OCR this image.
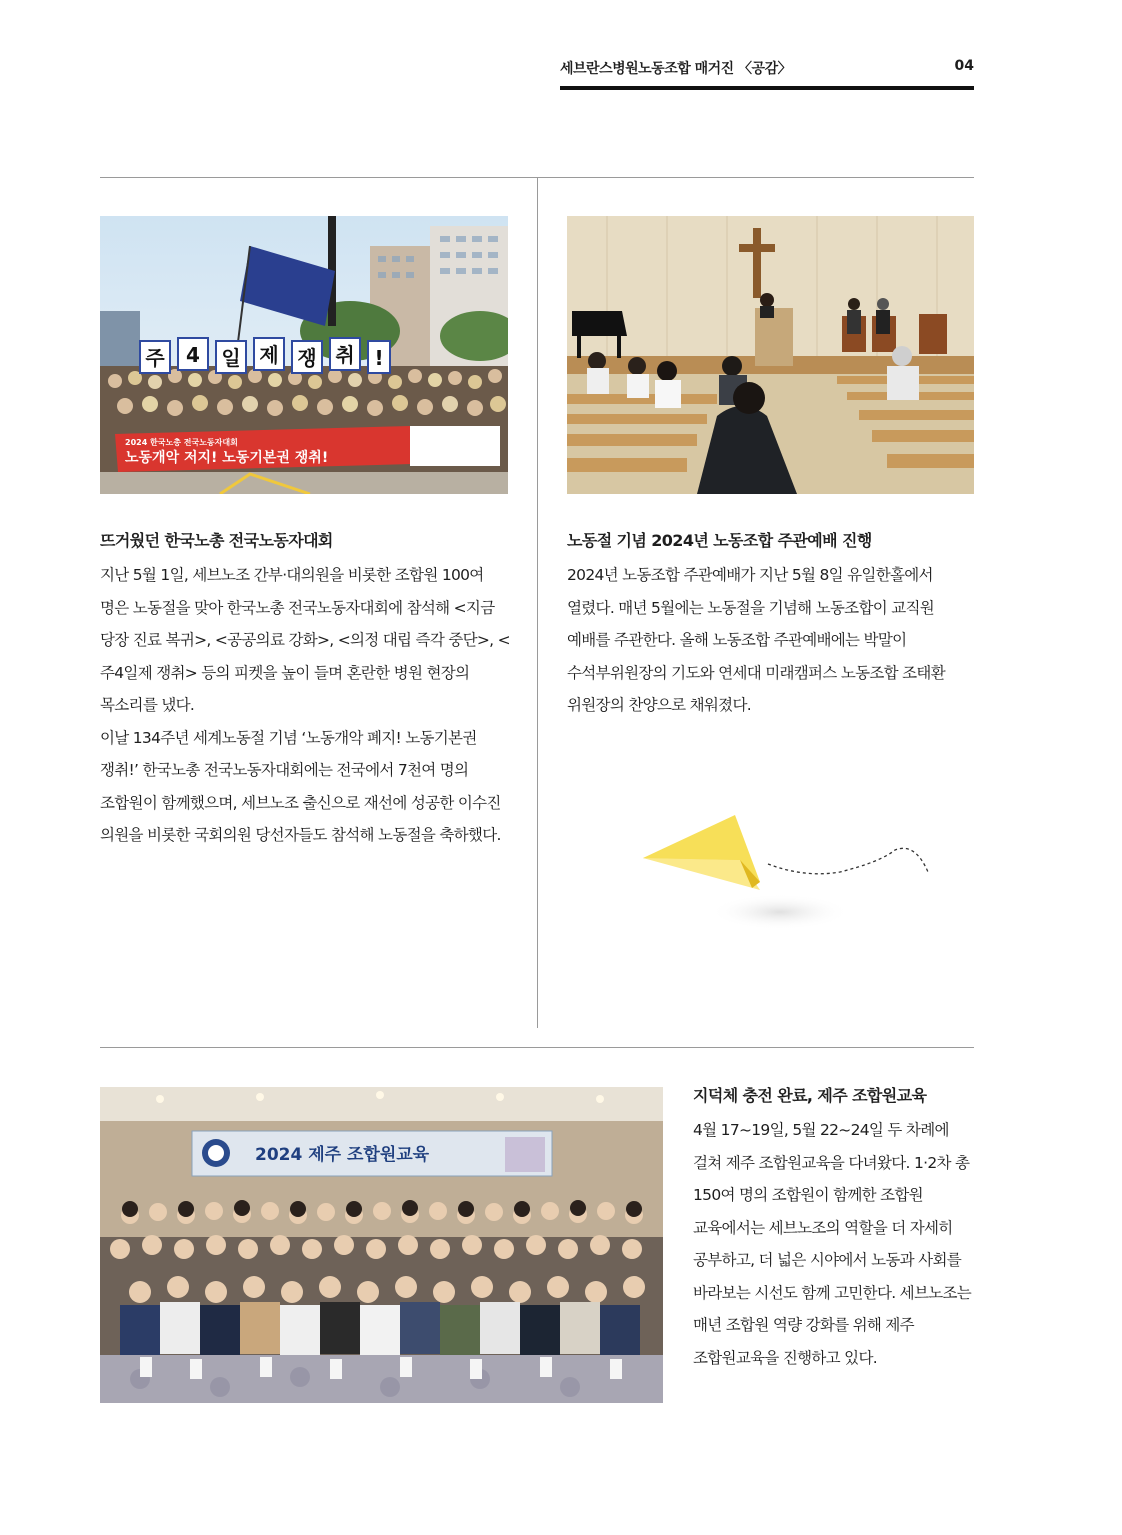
세브란스병원노동조합 매거진 〈공감〉	04
주 4 일 제 쟁 취 !
2024 한국노총 전국노동자대회
노동개악 저지! 노동기본권 쟁취!
뜨거웠던 한국노총 전국노동자대회

지난 5월 1일, 세브노조 간부·대의원을 비롯한 조합원 100여 명은 노동절을 맞아 한국노총 전국노동자대회에 참석해 <지금 당장 진료 복귀>, <공공의료 강화>, <의정 대립 즉각 중단>, <주4일제 쟁취> 등의 피켓을 높이 들며 혼란한 병원 현장의 목소리를 냈다.

이날 134주년 세계노동절 기념 ‘노동개악 폐지! 노동기본권 쟁취!’ 한국노총 전국노동자대회에는 전국에서 7천여 명의 조합원이 함께했으며, 세브노조 출신으로 재선에 성공한 이수진 의원을 비롯한 국회의원 당선자들도 참석해 노동절을 축하했다.

노동절 기념 2024년 노동조합 주관예배 진행

2024년 노동조합 주관예배가 지난 5월 8일 유일한홀에서 열렸다. 매년 5월에는 노동절을 기념해 노동조합이 교직원 예배를 주관한다. 올해 노동조합 주관예배에는 박말이 수석부위원장의 기도와 연세대 미래캠퍼스 노동조합 조태환 위원장의 찬양으로 채워졌다.

2024 제주 조합원교육
지덕체 충전 완료, 제주 조합원교육

4월 17~19일, 5월 22~24일 두 차례에 걸쳐 제주 조합원교육을 다녀왔다. 1·2차 총 150여 명의 조합원이 함께한 조합원 교육에서는 세브노조의 역할을 더 자세히 공부하고, 더 넓은 시야에서 노동과 사회를 바라보는 시선도 함께 고민한다. 세브노조는 매년 조합원 역량 강화를 위해 제주 조합원교육을 진행하고 있다.
